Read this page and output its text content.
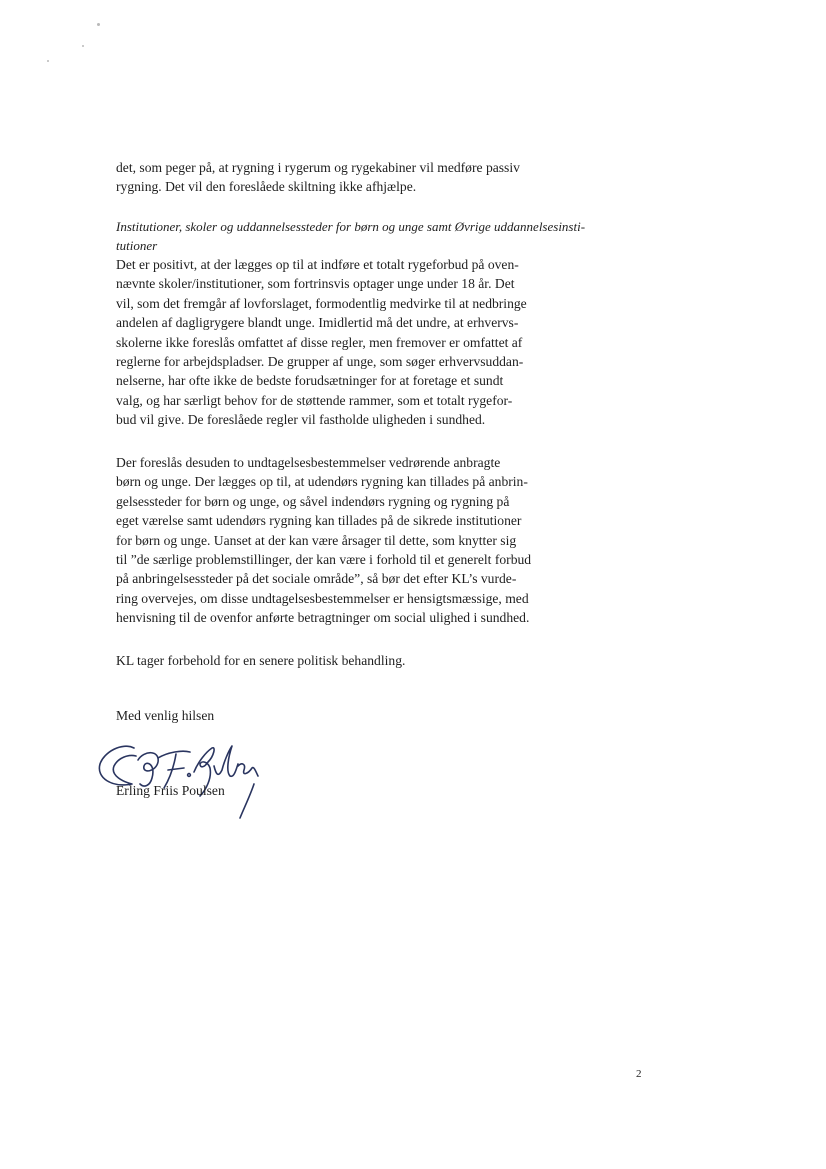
det, som peger på, at rygning i rygerum og rygekabiner vil medføre passiv
rygning. Det vil den foreslåede skiltning ikke afhjælpe.
Institutioner, skoler og uddannelsessteder for børn og unge samt Øvrige uddannelsesinsti-
tutioner
Det er positivt, at der lægges op til at indføre et totalt rygeforbud på oven-
nævnte skoler/institutioner, som fortrinsvis optager unge under 18 år. Det
vil, som det fremgår af lovforslaget, formodentlig medvirke til at nedbringe
andelen af dagligrygere blandt unge. Imidlertid må det undre, at erhvervs-
skolerne ikke foreslås omfattet af disse regler, men fremover er omfattet af
reglerne for arbejdspladser. De grupper af unge, som søger erhvervsuddan-
nelserne, har ofte ikke de bedste forudsætninger for at foretage et sundt
valg, og har særligt behov for de støttende rammer, som et totalt rygefor-
bud vil give. De foreslåede regler vil fastholde uligheden i sundhed.
Der foreslås desuden to undtagelsesbestemmelser vedrørende anbragte
børn og unge. Der lægges op til, at udendørs rygning kan tillades på anbrin-
gelsessteder for børn og unge, og såvel indendørs rygning og rygning på
eget værelse samt udendørs rygning kan tillades på de sikrede institutioner
for børn og unge. Uanset at der kan være årsager til dette, som knytter sig
til ”de særlige problemstillinger, der kan være i forhold til et generelt forbud
på anbringelsessteder på det sociale område”, så bør det efter KL’s vurde-
ring overvejes, om disse undtagelsesbestemmelser er hensigtsmæssige, med
henvisning til de ovenfor anførte betragtninger om social ulighed i sundhed.
KL tager forbehold for en senere politisk behandling.
Med venlig hilsen
Erling Friis Poulsen
2
